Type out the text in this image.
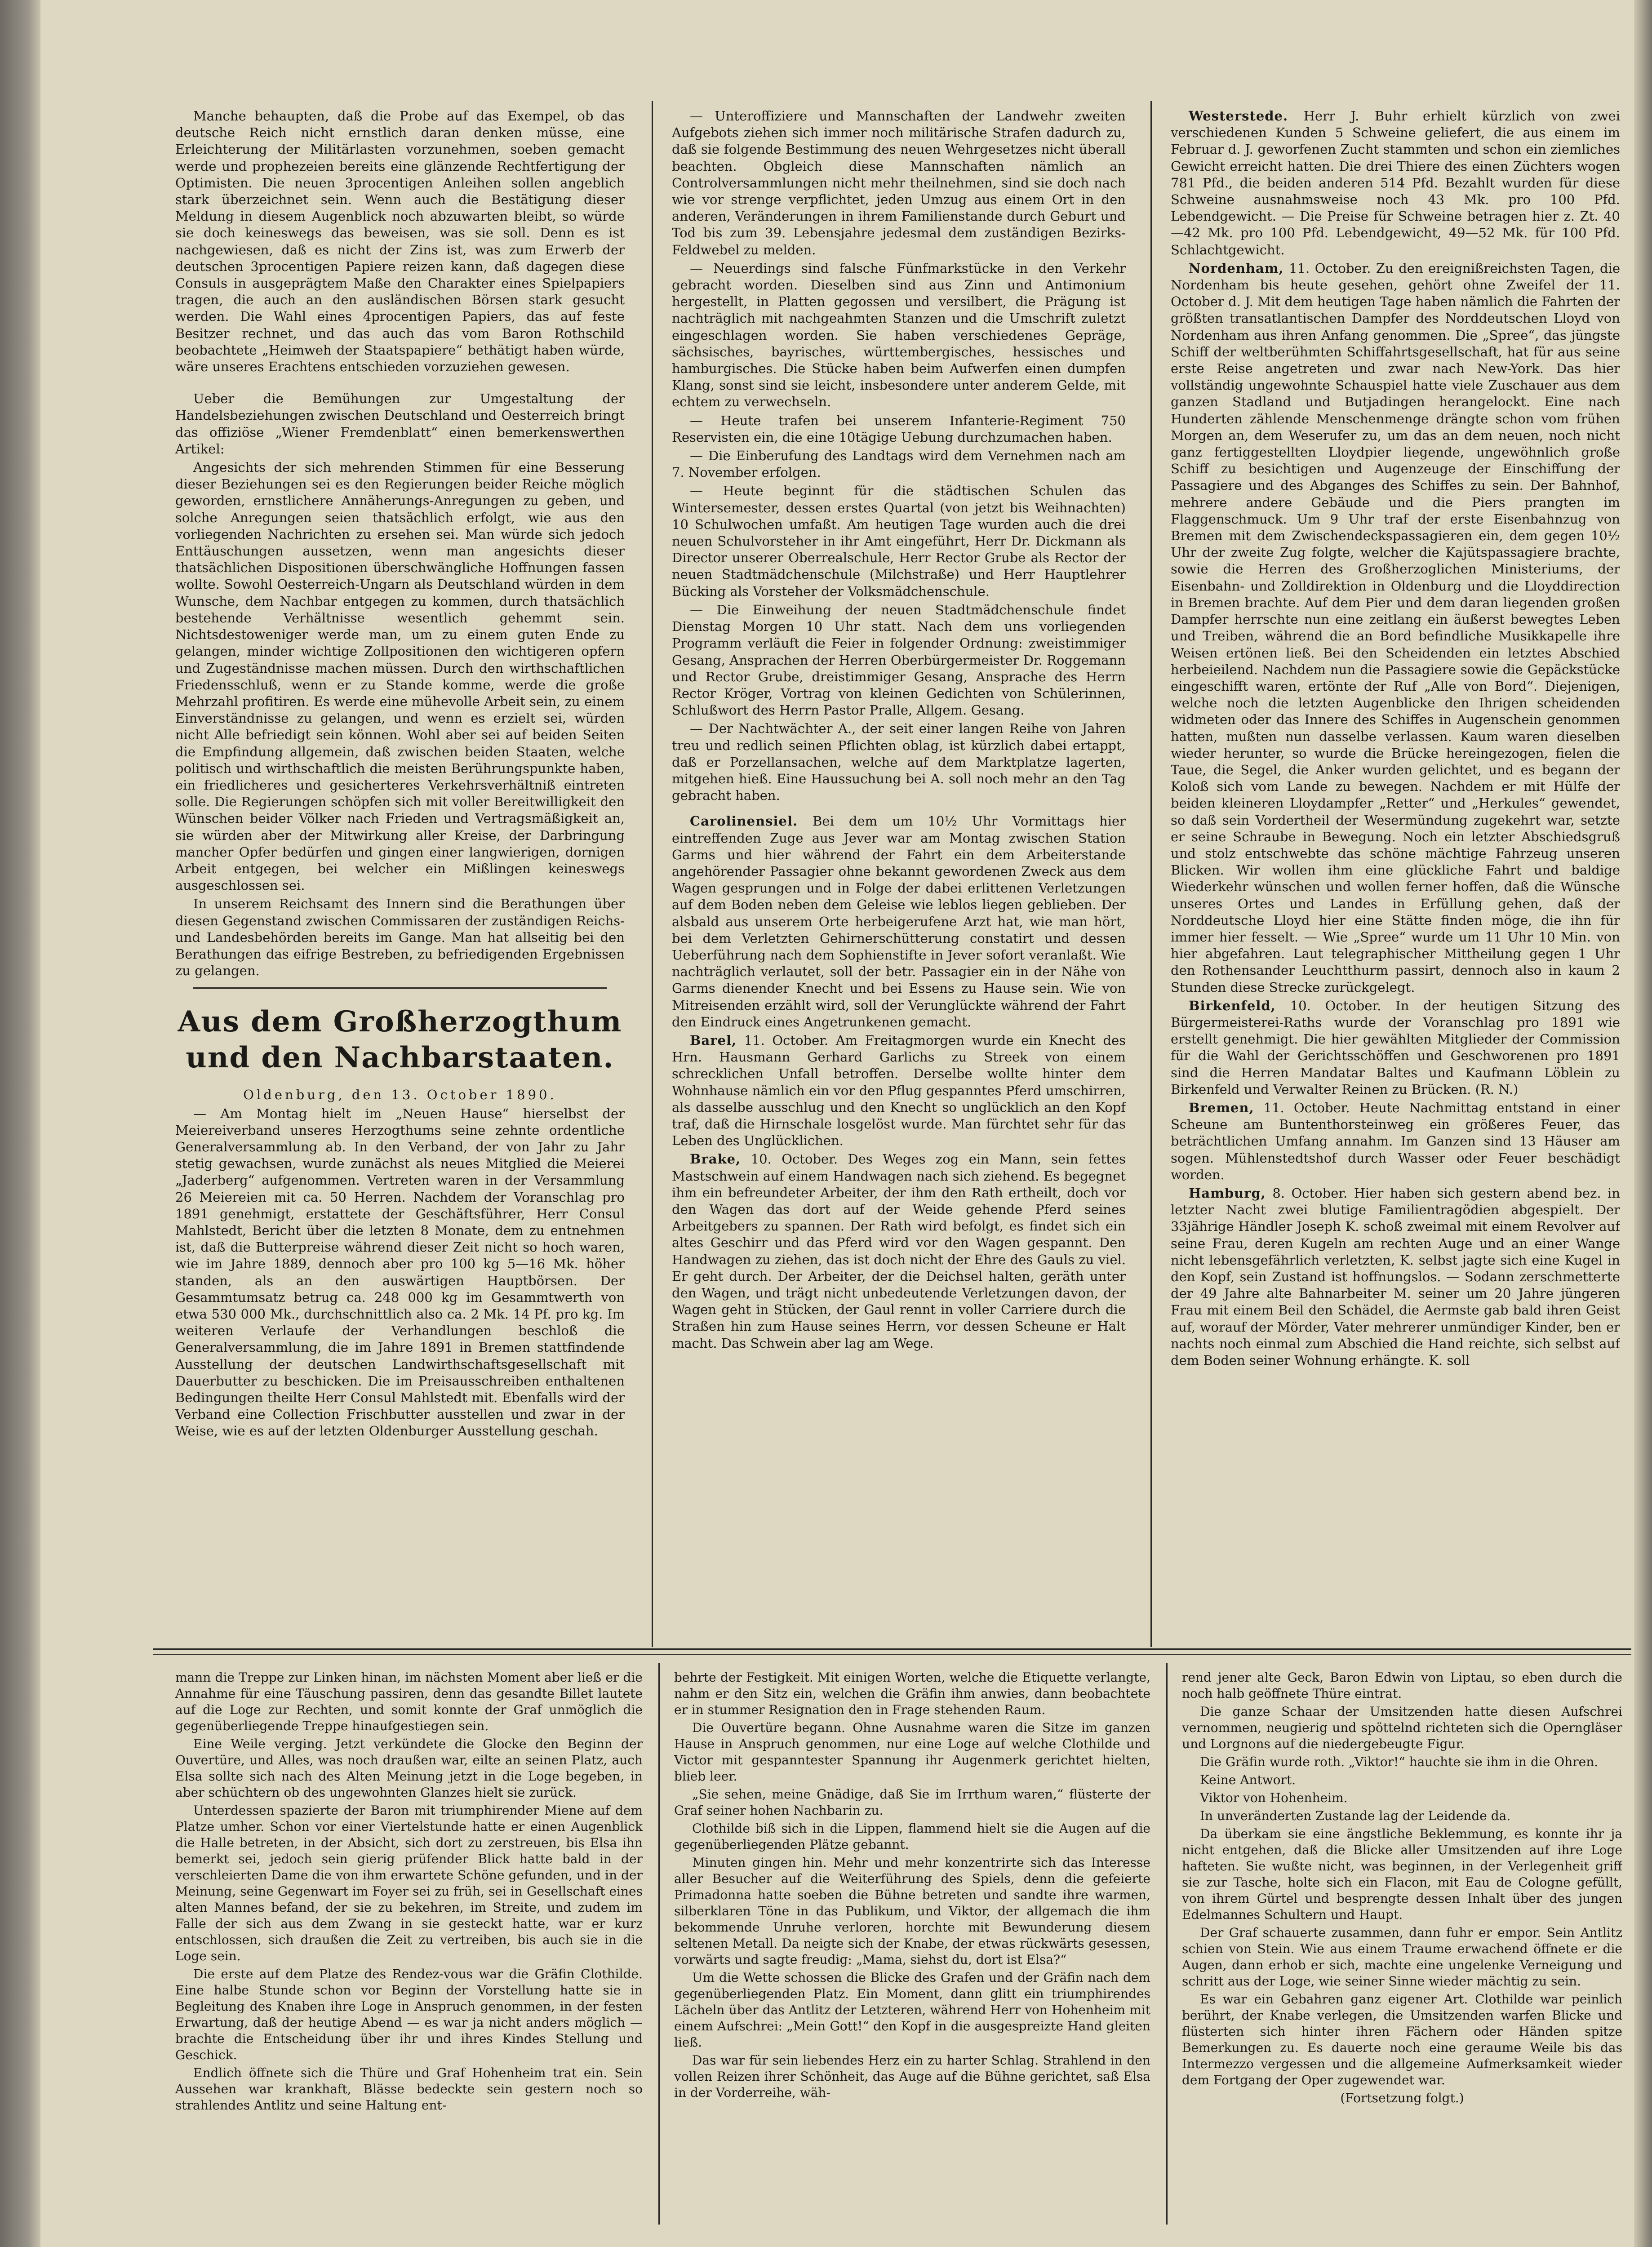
Manche behaupten, daß die Probe auf das Exempel, ob das deutsche Reich nicht ernstlich daran denken müsse, eine Erleichterung der Militärlasten vorzunehmen, soeben gemacht werde und prophezeien bereits eine glänzende Rechtfertigung der Optimisten. Die neuen 3procentigen Anleihen sollen angeblich stark überzeichnet sein. Wenn auch die Bestätigung dieser Meldung in diesem Augenblick noch abzuwarten bleibt, so würde sie doch keineswegs das beweisen, was sie soll. Denn es ist nachgewiesen, daß es nicht der Zins ist, was zum Erwerb der deutschen 3procentigen Papiere reizen kann, daß dagegen diese Consuls in ausgeprägtem Maße den Charakter eines Spielpapiers tragen, die auch an den ausländischen Börsen stark gesucht werden. Die Wahl eines 4procentigen Papiers, das auf feste Besitzer rechnet, und das auch das vom Baron Rothschild beobachtete „Heimweh der Staatspapiere“ bethätigt haben würde, wäre unseres Erachtens entschieden vorzuziehen gewesen.

Ueber die Bemühungen zur Umgestaltung der Handelsbeziehungen zwischen Deutschland und Oesterreich bringt das offiziöse „Wiener Fremdenblatt“ einen bemerkenswerthen Artikel:

Angesichts der sich mehrenden Stimmen für eine Besserung dieser Beziehungen sei es den Regierungen beider Reiche möglich geworden, ernstlichere Annäherungs-Anregungen zu geben, und solche Anregungen seien thatsächlich erfolgt, wie aus den vorliegenden Nachrichten zu ersehen sei. Man würde sich jedoch Enttäuschungen aussetzen, wenn man angesichts dieser thatsächlichen Dispositionen überschwängliche Hoffnungen fassen wollte. Sowohl Oesterreich-Ungarn als Deutschland würden in dem Wunsche, dem Nachbar entgegen zu kommen, durch thatsächlich bestehende Verhältnisse wesentlich gehemmt sein. Nichtsdestoweniger werde man, um zu einem guten Ende zu gelangen, minder wichtige Zollpositionen den wichtigeren opfern und Zugeständnisse machen müssen. Durch den wirthschaftlichen Friedensschluß, wenn er zu Stande komme, werde die große Mehrzahl profitiren. Es werde eine mühevolle Arbeit sein, zu einem Einverständnisse zu gelangen, und wenn es erzielt sei, würden nicht Alle befriedigt sein können. Wohl aber sei auf beiden Seiten die Empfindung allgemein, daß zwischen beiden Staaten, welche politisch und wirthschaftlich die meisten Berührungspunkte haben, ein friedlicheres und gesicherteres Verkehrsverhältniß eintreten solle. Die Regierungen schöpfen sich mit voller Bereitwilligkeit den Wünschen beider Völker nach Frieden und Vertragsmäßigkeit an, sie würden aber der Mitwirkung aller Kreise, der Darbringung mancher Opfer bedürfen und gingen einer langwierigen, dornigen Arbeit entgegen, bei welcher ein Mißlingen keineswegs ausgeschlossen sei.

In unserem Reichsamt des Innern sind die Berathungen über diesen Gegenstand zwischen Commissaren der zuständigen Reichs- und Landesbehörden bereits im Gange. Man hat allseitig bei den Berathungen das eifrige Bestreben, zu befriedigenden Ergebnissen zu gelangen.

Aus dem Großherzogthum und den Nachbarstaaten.
Oldenburg, den 13. October 1890.

— Am Montag hielt im „Neuen Hause“ hierselbst der Meiereiverband unseres Herzogthums seine zehnte ordentliche Generalversammlung ab. In den Verband, der von Jahr zu Jahr stetig gewachsen, wurde zunächst als neues Mitglied die Meierei „Jaderberg“ aufgenommen. Vertreten waren in der Versammlung 26 Meiereien mit ca. 50 Herren. Nachdem der Voranschlag pro 1891 genehmigt, erstattete der Geschäftsführer, Herr Consul Mahlstedt, Bericht über die letzten 8 Monate, dem zu entnehmen ist, daß die Butterpreise während dieser Zeit nicht so hoch waren, wie im Jahre 1889, dennoch aber pro 100 kg 5—16 Mk. höher standen, als an den auswärtigen Hauptbörsen. Der Gesammtumsatz betrug ca. 248 000 kg im Gesammtwerth von etwa 530 000 Mk., durchschnittlich also ca. 2 Mk. 14 Pf. pro kg. Im weiteren Verlaufe der Verhandlungen beschloß die Generalversammlung, die im Jahre 1891 in Bremen stattfindende Ausstellung der deutschen Landwirthschaftsgesellschaft mit Dauerbutter zu beschicken. Die im Preisausschreiben enthaltenen Bedingungen theilte Herr Consul Mahlstedt mit. Ebenfalls wird der Verband eine Collection Frischbutter ausstellen und zwar in der Weise, wie es auf der letzten Oldenburger Ausstellung geschah.

— Unteroffiziere und Mannschaften der Landwehr zweiten Aufgebots ziehen sich immer noch militärische Strafen dadurch zu, daß sie folgende Bestimmung des neuen Wehrgesetzes nicht überall beachten. Obgleich diese Mannschaften nämlich an Controlversammlungen nicht mehr theilnehmen, sind sie doch nach wie vor strenge verpflichtet, jeden Umzug aus einem Ort in den anderen, Veränderungen in ihrem Familienstande durch Geburt und Tod bis zum 39. Lebensjahre jedesmal dem zuständigen Bezirks-Feldwebel zu melden.

— Neuerdings sind falsche Fünfmarkstücke in den Verkehr gebracht worden. Dieselben sind aus Zinn und Antimonium hergestellt, in Platten gegossen und versilbert, die Prägung ist nachträglich mit nachgeahmten Stanzen und die Umschrift zuletzt eingeschlagen worden. Sie haben verschiedenes Gepräge, sächsisches, bayrisches, württembergisches, hessisches und hamburgisches. Die Stücke haben beim Aufwerfen einen dumpfen Klang, sonst sind sie leicht, insbesondere unter anderem Gelde, mit echtem zu verwechseln.

— Heute trafen bei unserem Infanterie-Regiment 750 Reservisten ein, die eine 10tägige Uebung durchzumachen haben.

— Die Einberufung des Landtags wird dem Vernehmen nach am 7. November erfolgen.

— Heute beginnt für die städtischen Schulen das Wintersemester, dessen erstes Quartal (von jetzt bis Weihnachten) 10 Schulwochen umfaßt. Am heutigen Tage wurden auch die drei neuen Schulvorsteher in ihr Amt eingeführt, Herr Dr. Dickmann als Director unserer Oberrealschule, Herr Rector Grube als Rector der neuen Stadtmädchenschule (Milchstraße) und Herr Hauptlehrer Bücking als Vorsteher der Volksmädchenschule.

— Die Einweihung der neuen Stadtmädchenschule findet Dienstag Morgen 10 Uhr statt. Nach dem uns vorliegenden Programm verläuft die Feier in folgender Ordnung: zweistimmiger Gesang, Ansprachen der Herren Oberbürgermeister Dr. Roggemann und Rector Grube, dreistimmiger Gesang, Ansprache des Herrn Rector Kröger, Vortrag von kleinen Gedichten von Schülerinnen, Schlußwort des Herrn Pastor Pralle, Allgem. Gesang.

— Der Nachtwächter A., der seit einer langen Reihe von Jahren treu und redlich seinen Pflichten oblag, ist kürzlich dabei ertappt, daß er Porzellansachen, welche auf dem Marktplatze lagerten, mitgehen hieß. Eine Haussuchung bei A. soll noch mehr an den Tag gebracht haben.

Carolinensiel. Bei dem um 10½ Uhr Vormittags hier eintreffenden Zuge aus Jever war am Montag zwischen Station Garms und hier während der Fahrt ein dem Arbeiterstande angehörender Passagier ohne bekannt gewordenen Zweck aus dem Wagen gesprungen und in Folge der dabei erlittenen Verletzungen auf dem Boden neben dem Geleise wie leblos liegen geblieben. Der alsbald aus unserem Orte herbeigerufene Arzt hat, wie man hört, bei dem Verletzten Gehirnerschütterung constatirt und dessen Ueberführung nach dem Sophienstifte in Jever sofort veranlaßt. Wie nachträglich verlautet, soll der betr. Passagier ein in der Nähe von Garms dienender Knecht und bei Essens zu Hause sein. Wie von Mitreisenden erzählt wird, soll der Verunglückte während der Fahrt den Eindruck eines Angetrunkenen gemacht.

Barel, 11. October. Am Freitagmorgen wurde ein Knecht des Hrn. Hausmann Gerhard Garlichs zu Streek von einem schrecklichen Unfall betroffen. Derselbe wollte hinter dem Wohnhause nämlich ein vor den Pflug gespanntes Pferd umschirren, als dasselbe ausschlug und den Knecht so unglücklich an den Kopf traf, daß die Hirnschale losgelöst wurde. Man fürchtet sehr für das Leben des Unglücklichen.

Brake, 10. October. Des Weges zog ein Mann, sein fettes Mastschwein auf einem Handwagen nach sich ziehend. Es begegnet ihm ein befreundeter Arbeiter, der ihm den Rath ertheilt, doch vor den Wagen das dort auf der Weide gehende Pferd seines Arbeitgebers zu spannen. Der Rath wird befolgt, es findet sich ein altes Geschirr und das Pferd wird vor den Wagen gespannt. Den Handwagen zu ziehen, das ist doch nicht der Ehre des Gauls zu viel. Er geht durch. Der Arbeiter, der die Deichsel halten, geräth unter den Wagen, und trägt nicht unbedeutende Verletzungen davon, der Wagen geht in Stücken, der Gaul rennt in voller Carriere durch die Straßen hin zum Hause seines Herrn, vor dessen Scheune er Halt macht. Das Schwein aber lag am Wege.

Westerstede. Herr J. Buhr erhielt kürzlich von zwei verschiedenen Kunden 5 Schweine geliefert, die aus einem im Februar d. J. geworfenen Zucht stammten und schon ein ziemliches Gewicht erreicht hatten. Die drei Thiere des einen Züchters wogen 781 Pfd., die beiden anderen 514 Pfd. Bezahlt wurden für diese Schweine ausnahmsweise noch 43 Mk. pro 100 Pfd. Lebendgewicht. — Die Preise für Schweine betragen hier z. Zt. 40—42 Mk. pro 100 Pfd. Lebendgewicht, 49—52 Mk. für 100 Pfd. Schlachtgewicht.

Nordenham, 11. October. Zu den ereignißreichsten Tagen, die Nordenham bis heute gesehen, gehört ohne Zweifel der 11. October d. J. Mit dem heutigen Tage haben nämlich die Fahrten der größten transatlantischen Dampfer des Norddeutschen Lloyd von Nordenham aus ihren Anfang genommen. Die „Spree“, das jüngste Schiff der weltberühmten Schiffahrtsgesellschaft, hat für aus seine erste Reise angetreten und zwar nach New-York. Das hier vollständig ungewohnte Schauspiel hatte viele Zuschauer aus dem ganzen Stadland und Butjadingen herangelockt. Eine nach Hunderten zählende Menschenmenge drängte schon vom frühen Morgen an, dem Weserufer zu, um das an dem neuen, noch nicht ganz fertiggestellten Lloydpier liegende, ungewöhnlich große Schiff zu besichtigen und Augenzeuge der Einschiffung der Passagiere und des Abganges des Schiffes zu sein. Der Bahnhof, mehrere andere Gebäude und die Piers prangten im Flaggenschmuck. Um 9 Uhr traf der erste Eisenbahnzug von Bremen mit dem Zwischendeckspassagieren ein, dem gegen 10½ Uhr der zweite Zug folgte, welcher die Kajütspassagiere brachte, sowie die Herren des Großherzoglichen Ministeriums, der Eisenbahn- und Zolldirektion in Oldenburg und die Lloyddirection in Bremen brachte. Auf dem Pier und dem daran liegenden großen Dampfer herrschte nun eine zeitlang ein äußerst bewegtes Leben und Treiben, während die an Bord befindliche Musikkapelle ihre Weisen ertönen ließ. Bei den Scheidenden ein letztes Abschied herbeieilend. Nachdem nun die Passagiere sowie die Gepäckstücke eingeschifft waren, ertönte der Ruf „Alle von Bord“. Diejenigen, welche noch die letzten Augenblicke den Ihrigen scheidenden widmeten oder das Innere des Schiffes in Augenschein genommen hatten, mußten nun dasselbe verlassen. Kaum waren dieselben wieder herunter, so wurde die Brücke hereingezogen, fielen die Taue, die Segel, die Anker wurden gelichtet, und es begann der Koloß sich vom Lande zu bewegen. Nachdem er mit Hülfe der beiden kleineren Lloydampfer „Retter“ und „Herkules“ gewendet, so daß sein Vordertheil der Wesermündung zugekehrt war, setzte er seine Schraube in Bewegung. Noch ein letzter Abschiedsgruß und stolz entschwebte das schöne mächtige Fahrzeug unseren Blicken. Wir wollen ihm eine glückliche Fahrt und baldige Wiederkehr wünschen und wollen ferner hoffen, daß die Wünsche unseres Ortes und Landes in Erfüllung gehen, daß der Norddeutsche Lloyd hier eine Stätte finden möge, die ihn für immer hier fesselt. — Wie „Spree“ wurde um 11 Uhr 10 Min. von hier abgefahren. Laut telegraphischer Mittheilung gegen 1 Uhr den Rothensander Leuchtthurm passirt, dennoch also in kaum 2 Stunden diese Strecke zurückgelegt.

Birkenfeld, 10. October. In der heutigen Sitzung des Bürgermeisterei-Raths wurde der Voranschlag pro 1891 wie erstellt genehmigt. Die hier gewählten Mitglieder der Commission für die Wahl der Gerichtsschöffen und Geschworenen pro 1891 sind die Herren Mandatar Baltes und Kaufmann Löblein zu Birkenfeld und Verwalter Reinen zu Brücken. (R. N.)

Bremen, 11. October. Heute Nachmittag entstand in einer Scheune am Buntenthorsteinweg ein größeres Feuer, das beträchtlichen Umfang annahm. Im Ganzen sind 13 Häuser am sogen. Mühlenstedtshof durch Wasser oder Feuer beschädigt worden.

Hamburg, 8. October. Hier haben sich gestern abend bez. in letzter Nacht zwei blutige Familientragödien abgespielt. Der 33jährige Händler Joseph K. schoß zweimal mit einem Revolver auf seine Frau, deren Kugeln am rechten Auge und an einer Wange nicht lebensgefährlich verletzten, K. selbst jagte sich eine Kugel in den Kopf, sein Zustand ist hoffnungslos. — Sodann zerschmetterte der 49 Jahre alte Bahnarbeiter M. seiner um 20 Jahre jüngeren Frau mit einem Beil den Schädel, die Aermste gab bald ihren Geist auf, worauf der Mörder, Vater mehrerer unmündiger Kinder, ben er nachts noch einmal zum Abschied die Hand reichte, sich selbst auf dem Boden seiner Wohnung erhängte. K. soll

mann die Treppe zur Linken hinan, im nächsten Moment aber ließ er die Annahme für eine Täuschung passiren, denn das gesandte Billet lautete auf die Loge zur Rechten, und somit konnte der Graf unmöglich die gegenüberliegende Treppe hinaufgestiegen sein.

Eine Weile verging. Jetzt verkündete die Glocke den Beginn der Ouvertüre, und Alles, was noch draußen war, eilte an seinen Platz, auch Elsa sollte sich nach des Alten Meinung jetzt in die Loge begeben, in aber schüchtern ob des ungewohnten Glanzes hielt sie zurück.

Unterdessen spazierte der Baron mit triumphirender Miene auf dem Platze umher. Schon vor einer Viertelstunde hatte er einen Augenblick die Halle betreten, in der Absicht, sich dort zu zerstreuen, bis Elsa ihn bemerkt sei, jedoch sein gierig prüfender Blick hatte bald in der verschleierten Dame die von ihm erwartete Schöne gefunden, und in der Meinung, seine Gegenwart im Foyer sei zu früh, sei in Gesellschaft eines alten Mannes befand, der sie zu bekehren, im Streite, und zudem im Falle der sich aus dem Zwang in sie gesteckt hatte, war er kurz entschlossen, sich draußen die Zeit zu vertreiben, bis auch sie in die Loge sein.

Die erste auf dem Platze des Rendez-vous war die Gräfin Clothilde. Eine halbe Stunde schon vor Beginn der Vorstellung hatte sie in Begleitung des Knaben ihre Loge in Anspruch genommen, in der festen Erwartung, daß der heutige Abend — es war ja nicht anders möglich — brachte die Entscheidung über ihr und ihres Kindes Stellung und Geschick.

Endlich öffnete sich die Thüre und Graf Hohenheim trat ein. Sein Aussehen war krankhaft, Blässe bedeckte sein gestern noch so strahlendes Antlitz und seine Haltung ent-

behrte der Festigkeit. Mit einigen Worten, welche die Etiquette verlangte, nahm er den Sitz ein, welchen die Gräfin ihm anwies, dann beobachtete er in stummer Resignation den in Frage stehenden Raum.

Die Ouvertüre begann. Ohne Ausnahme waren die Sitze im ganzen Hause in Anspruch genommen, nur eine Loge auf welche Clothilde und Victor mit gespanntester Spannung ihr Augenmerk gerichtet hielten, blieb leer.

„Sie sehen, meine Gnädige, daß Sie im Irrthum waren,“ flüsterte der Graf seiner hohen Nachbarin zu.

Clothilde biß sich in die Lippen, flammend hielt sie die Augen auf die gegenüberliegenden Plätze gebannt.

Minuten gingen hin. Mehr und mehr konzentrirte sich das Interesse aller Besucher auf die Weiterführung des Spiels, denn die gefeierte Primadonna hatte soeben die Bühne betreten und sandte ihre warmen, silberklaren Töne in das Publikum, und Viktor, der allgemach die ihm bekommende Unruhe verloren, horchte mit Bewunderung diesem seltenen Metall. Da neigte sich der Knabe, der etwas rückwärts gesessen, vorwärts und sagte freudig: „Mama, siehst du, dort ist Elsa?“

Um die Wette schossen die Blicke des Grafen und der Gräfin nach dem gegenüberliegenden Platz. Ein Moment, dann glitt ein triumphirendes Lächeln über das Antlitz der Letzteren, während Herr von Hohenheim mit einem Aufschrei: „Mein Gott!“ den Kopf in die ausgespreizte Hand gleiten ließ.

Das war für sein liebendes Herz ein zu harter Schlag. Strahlend in den vollen Reizen ihrer Schönheit, das Auge auf die Bühne gerichtet, saß Elsa in der Vorderreihe, wäh-

rend jener alte Geck, Baron Edwin von Liptau, so eben durch die noch halb geöffnete Thüre eintrat.

Die ganze Schaar der Umsitzenden hatte diesen Aufschrei vernommen, neugierig und spöttelnd richteten sich die Operngläser und Lorgnons auf die niedergebeugte Figur.

Die Gräfin wurde roth. „Viktor!“ hauchte sie ihm in die Ohren.

Keine Antwort.

Viktor von Hohenheim.

In unveränderten Zustande lag der Leidende da.

Da überkam sie eine ängstliche Beklemmung, es konnte ihr ja nicht entgehen, daß die Blicke aller Umsitzenden auf ihre Loge hafteten. Sie wußte nicht, was beginnen, in der Verlegenheit griff sie zur Tasche, holte sich ein Flacon, mit Eau de Cologne gefüllt, von ihrem Gürtel und besprengte dessen Inhalt über des jungen Edelmannes Schultern und Haupt.

Der Graf schauerte zusammen, dann fuhr er empor. Sein Antlitz schien von Stein. Wie aus einem Traume erwachend öffnete er die Augen, dann erhob er sich, machte eine ungelenke Verneigung und schritt aus der Loge, wie seiner Sinne wieder mächtig zu sein.

Es war ein Gebahren ganz eigener Art. Clothilde war peinlich berührt, der Knabe verlegen, die Umsitzenden warfen Blicke und flüsterten sich hinter ihren Fächern oder Händen spitze Bemerkungen zu. Es dauerte noch eine geraume Weile bis das Intermezzo vergessen und die allgemeine Aufmerksamkeit wieder dem Fortgang der Oper zugewendet war.

(Fortsetzung folgt.)
